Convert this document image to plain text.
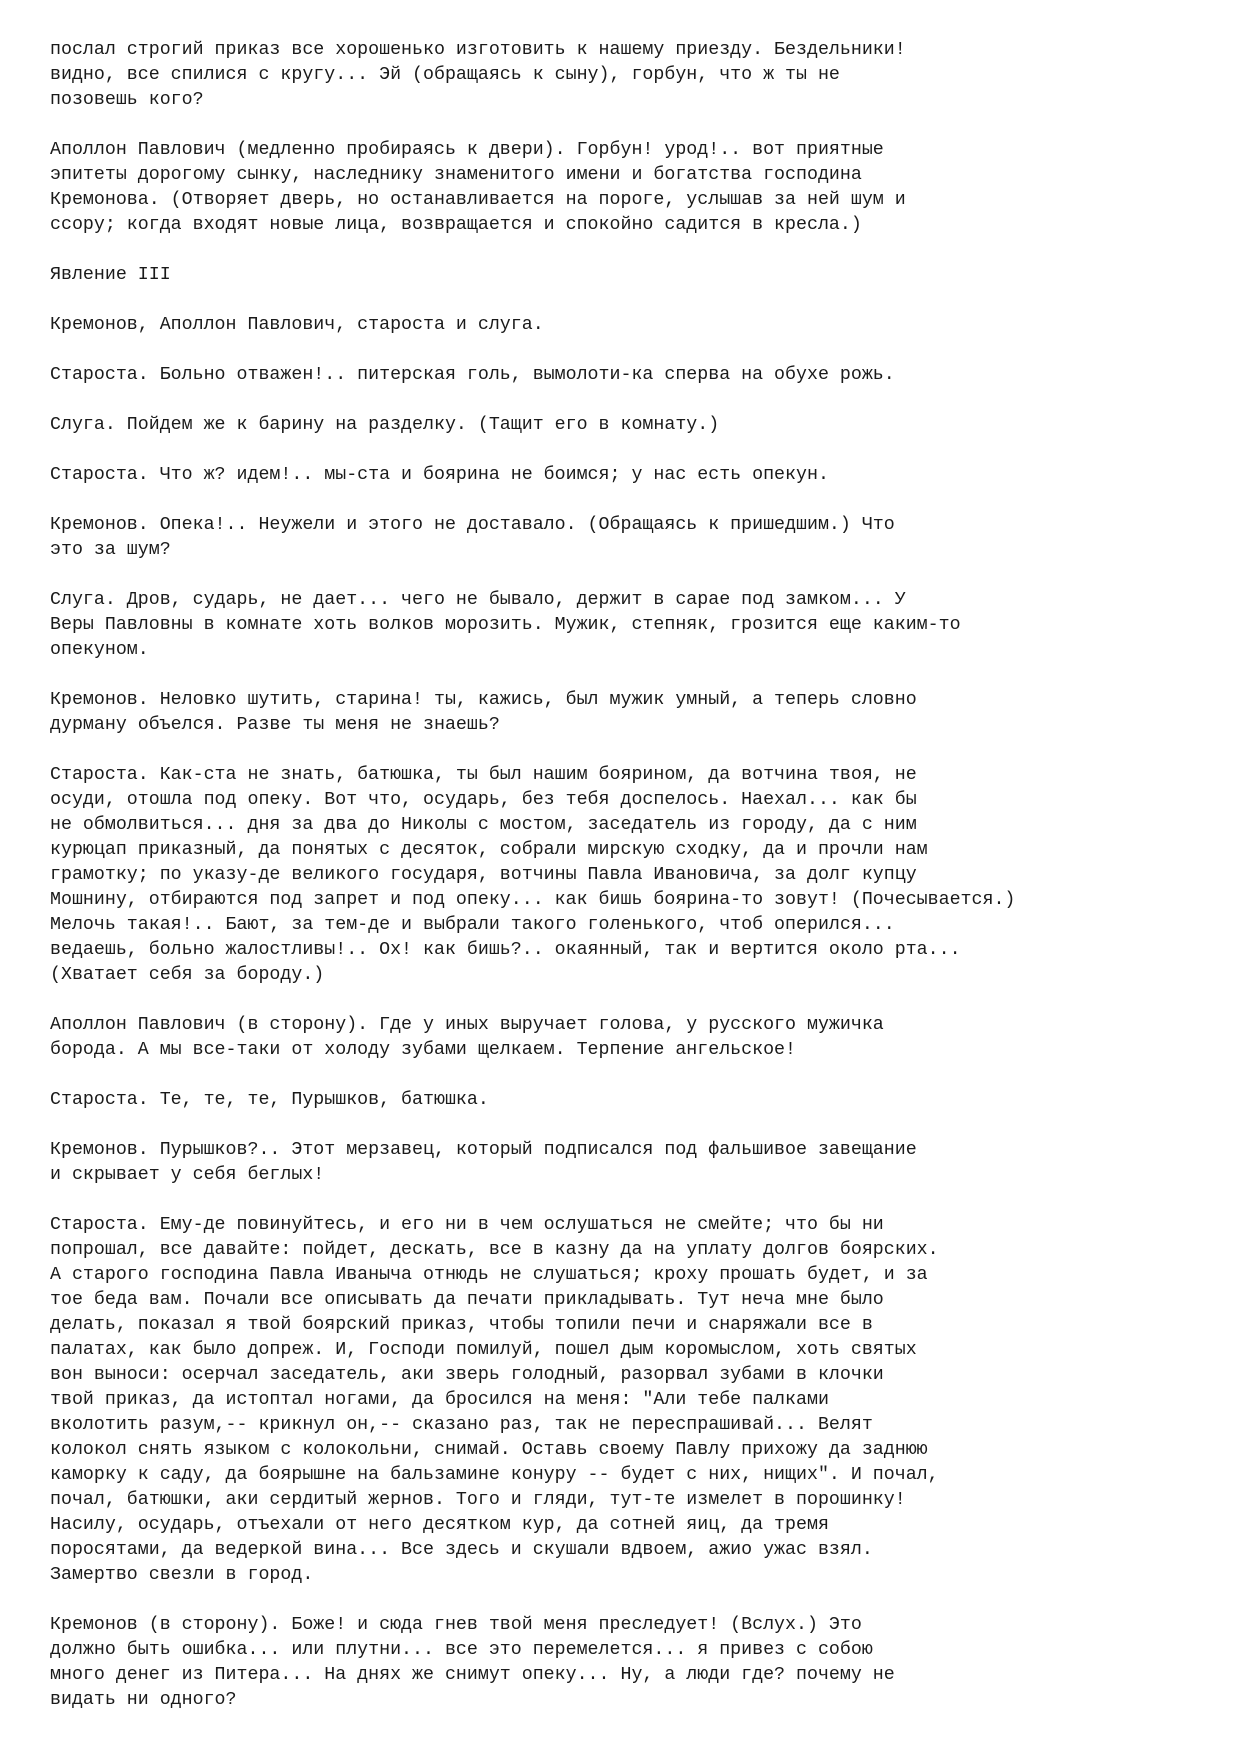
послал строгий приказ все хорошенько изготовить к нашему приезду. Бездельники!
видно, все спилися с кругу... Эй (обращаясь к сыну), горбун, что ж ты не
позовешь кого?
Аполлон Павлович (медленно пробираясь к двери). Горбун! урод!.. вот приятные
эпитеты дорогому сынку, наследнику знаменитого имени и богатства господина
Кремонова. (Отворяет дверь, но останавливается на пороге, услышав за ней шум и
ссору; когда входят новые лица, возвращается и спокойно садится в кресла.)
Явление III
Кремонов, Аполлон Павлович, староста и слуга.
Староста. Больно отважен!.. питерская голь, вымолоти-ка сперва на обухе рожь.
Слуга. Пойдем же к барину на разделку. (Тащит его в комнату.)
Староста. Что ж? идем!.. мы-ста и боярина не боимся; у нас есть опекун.
Кремонов. Опека!.. Неужели и этого не доставало. (Обращаясь к пришедшим.) Что
это за шум?
Слуга. Дров, сударь, не дает... чего не бывало, держит в сарае под замком... У
Веры Павловны в комнате хоть волков морозить. Мужик, степняк, грозится еще каким-то
опекуном.
Кремонов. Неловко шутить, старина! ты, кажись, был мужик умный, а теперь словно
дурману объелся. Разве ты меня не знаешь?
Староста. Как-ста не знать, батюшка, ты был нашим боярином, да вотчина твоя, не
осуди, отошла под опеку. Вот что, осударь, без тебя доспелось. Наехал... как бы
не обмолвиться... дня за два до Николы с мостом, заседатель из городу, да с ним
курюцап приказный, да понятых с десяток, собрали мирскую сходку, да и прочли нам
грамотку; по указу-де великого государя, вотчины Павла Ивановича, за долг купцу
Мошнину, отбираются под запрет и под опеку... как бишь боярина-то зовут! (Почесывается.)
Мелочь такая!.. Бают, за тем-де и выбрали такого голенького, чтоб оперился...
ведаешь, больно жалостливы!.. Ох! как бишь?.. окаянный, так и вертится около рта...
(Хватает себя за бороду.)
Аполлон Павлович (в сторону). Где у иных выручает голова, у русского мужичка
борода. А мы все-таки от холоду зубами щелкаем. Терпение ангельское!
Староста. Те, те, те, Пурышков, батюшка.
Кремонов. Пурышков?.. Этот мерзавец, который подписался под фальшивое завещание
и скрывает у себя беглых!
Староста. Ему-де повинуйтесь, и его ни в чем ослушаться не смейте; что бы ни
попрошал, все давайте: пойдет, дескать, все в казну да на уплату долгов боярских.
А старого господина Павла Иваныча отнюдь не слушаться; кроху прошать будет, и за
тое беда вам. Почали все описывать да печати прикладывать. Тут неча мне было
делать, показал я твой боярский приказ, чтобы топили печи и снаряжали все в
палатах, как было допреж. И, Господи помилуй, пошел дым коромыслом, хоть святых
вон выноси: осерчал заседатель, аки зверь голодный, разорвал зубами в клочки
твой приказ, да истоптал ногами, да бросился на меня: "Али тебе палками
вколотить разум,-- крикнул он,-- сказано раз, так не переспрашивай... Велят
колокол снять языком с колокольни, снимай. Оставь своему Павлу прихожу да заднюю
каморку к саду, да боярышне на бальзамине конуру -- будет с них, нищих". И почал,
почал, батюшки, аки сердитый жернов. Того и гляди, тут-те измелет в порошинку!
Насилу, осударь, отъехали от него десятком кур, да сотней яиц, да тремя
поросятами, да ведеркой вина... Все здесь и скушали вдвоем, ажио ужас взял.
Замертво свезли в город.
Кремонов (в сторону). Боже! и сюда гнев твой меня преследует! (Вслух.) Это
должно быть ошибка... или плутни... все это перемелется... я привез с собою
много денег из Питера... На днях же снимут опеку... Ну, а люди где? почему не
видать ни одного?
